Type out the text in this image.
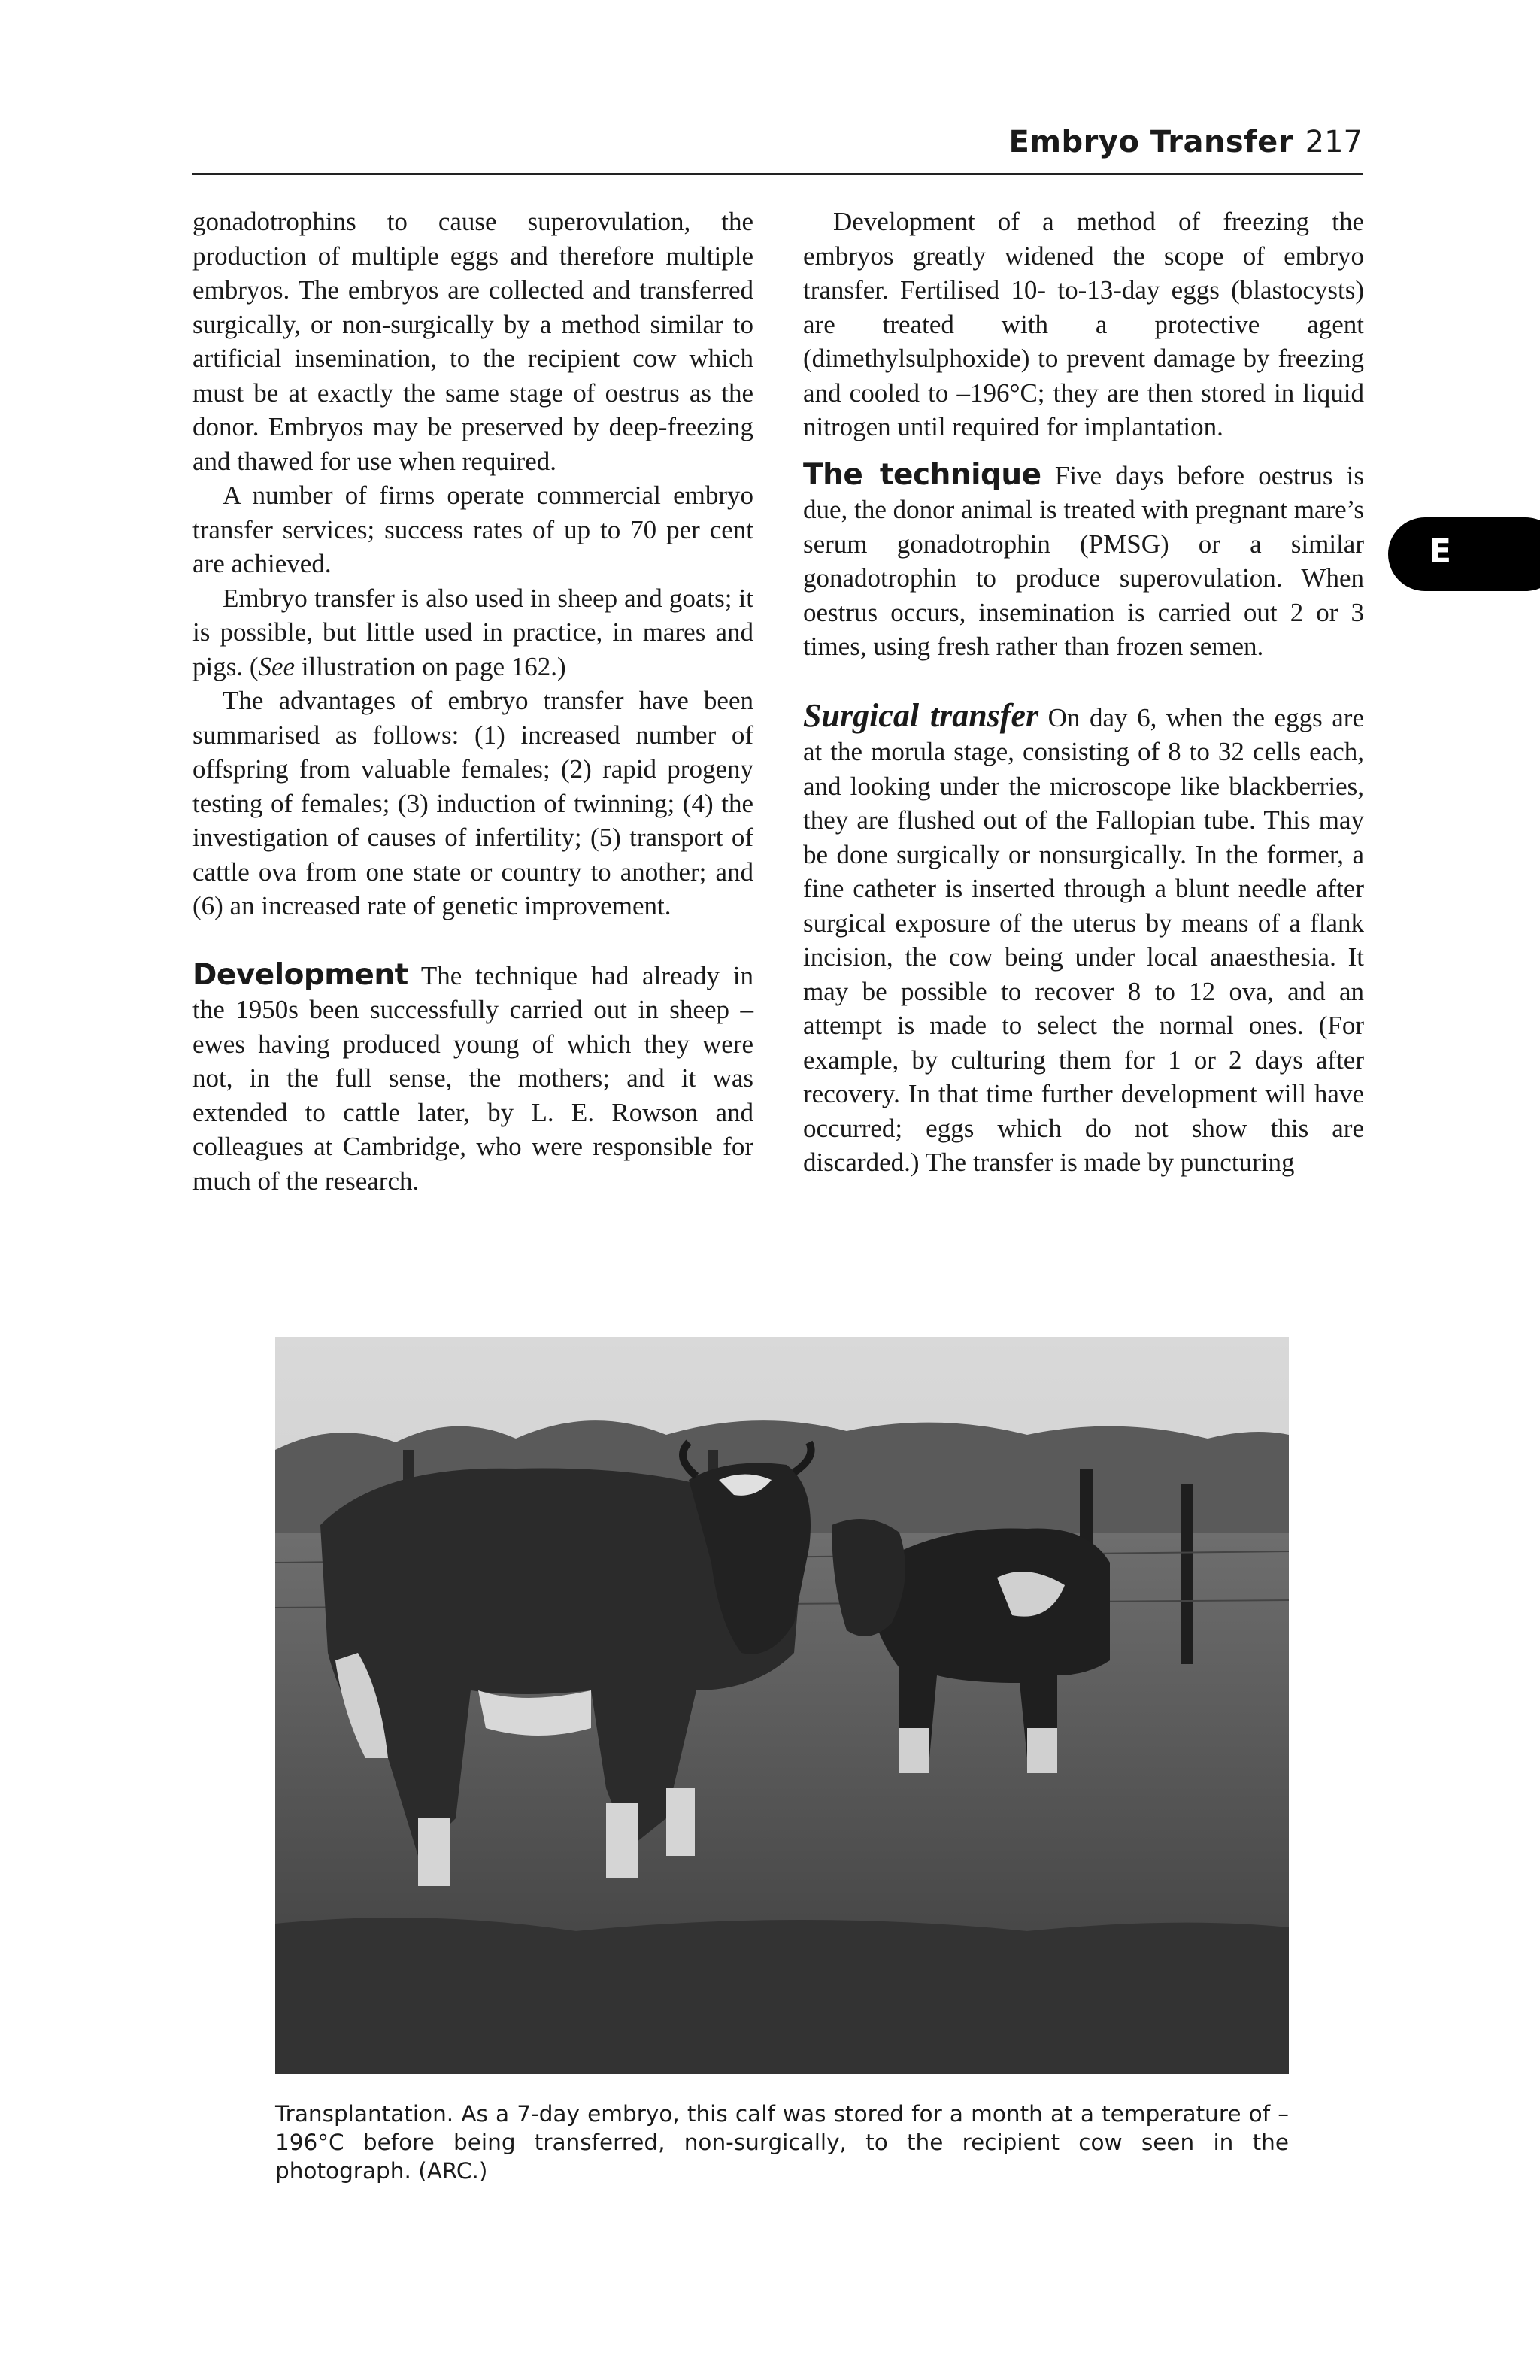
Embryo Transfer 217
E

gonadotrophins to cause superovulation, the production of multiple eggs and therefore multiple embryos. The embryos are collected and transferred surgically, or non-surgically by a method similar to artificial insemination, to the recipient cow which must be at exactly the same stage of oestrus as the donor. Embryos may be preserved by deep-freezing and thawed for use when required.

A number of firms operate commercial embryo transfer services; success rates of up to 70 per cent are achieved.

Embryo transfer is also used in sheep and goats; it is possible, but little used in practice, in mares and pigs. (See illustration on page 162.)

The advantages of embryo transfer have been summarised as follows: (1) increased number of offspring from valuable females; (2) rapid progeny testing of females; (3) induction of twinning; (4) the investigation of causes of infertility; (5) transport of cattle ova from one state or country to another; and (6) an increased rate of genetic improvement.

Development The technique had already in the 1950s been successfully carried out in sheep – ewes having produced young of which they were not, in the full sense, the mothers; and it was extended to cattle later, by L. E. Rowson and colleagues at Cambridge, who were responsible for much of the research.

Development of a method of freezing the embryos greatly widened the scope of embryo transfer. Fertilised 10- to-13-day eggs (blastocysts) are treated with a protective agent (dimethylsulphoxide) to prevent damage by freezing and cooled to –196°C; they are then stored in liquid nitrogen until required for implantation.

The technique Five days before oestrus is due, the donor animal is treated with pregnant mare’s serum gonadotrophin (PMSG) or a similar gonadotrophin to produce superovulation. When oestrus occurs, insemination is carried out 2 or 3 times, using fresh rather than frozen semen.

Surgical transfer On day 6, when the eggs are at the morula stage, consisting of 8 to 32 cells each, and looking under the microscope like blackberries, they are flushed out of the Fallopian tube. This may be done surgically or nonsurgically. In the former, a fine catheter is inserted through a blunt needle after surgical exposure of the uterus by means of a flank incision, the cow being under local anaesthesia. It may be possible to recover 8 to 12 ova, and an attempt is made to select the normal ones. (For example, by culturing them for 1 or 2 days after recovery. In that time further development will have occurred; eggs which do not show this are discarded.) The transfer is made by puncturing

Transplantation. As a 7-day embryo, this calf was stored for a month at a temperature of –196°C before being transferred, non-surgically, to the recipient cow seen in the photograph. (ARC.)
